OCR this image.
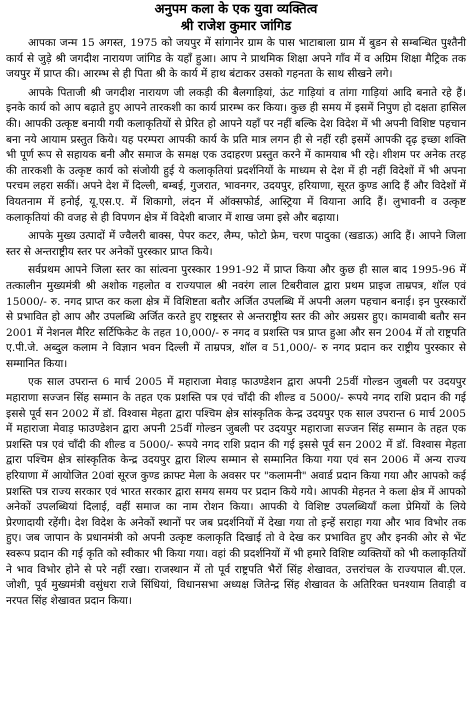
अनुपम कला के एक युवा व्यक्तित्व
श्री राजेश कुमार जांगिड

आपका जन्म 15 अगस्त, 1975 को जयपुर में सांगानेर ग्राम के पास भाटाबाला ग्राम में बुडन से सम्बन्धित पुश्तैनी कार्य से जुड़े श्री जगदीश नारायण जांगिड के यहाँ हुआ। आप ने प्राथमिक शिक्षा अपने गाँव में व अग्रिम शिक्षा मैट्रिक तक जयपुर में प्राप्त की। आरम्भ से ही पिता श्री के कार्य में हाथ बंटाकर उसको गहनता के साथ सीखने लगे।

आपके पिताजी श्री जगदीश नारायण जी लकड़ी की बैलगाड़ियां, ऊंट गाड़ियां व तांगा गाड़ियां आदि बनाते रहे हैं। इनके कार्य को आप बढ़ाते हुए आपने तारकशी का कार्य प्रारम्भ कर किया। कुछ ही समय में इसमें निपुण हो दक्षता हासिल की। आपकी उत्कृष्ट बनायी गयी कलाकृतियों से प्रेरित हो आपने यहाँ पर नहीं बल्कि देश विदेश में भी अपनी विशिष्ट पहचान बना नये आयाम प्रस्तुत किये। यह परम्परा आपकी कार्य के प्रति मात्र लगन ही से नहीं रही इसमें आपकी दृढ़ इच्छा शक्ति भी पूर्ण रूप से सहायक बनी और समाज के समक्ष एक उदाहरण प्रस्तुत करने में कामयाब भी रहे। शीशम पर अनेक तरह की तारकशी के उत्कृष्ट कार्य को संजोयी हुई ये कलाकृतियां प्रदर्शनियों के माध्यम से देश में ही नहीं विदेशों में भी अपना परचम लहरा सकीं। अपने देश में दिल्ली, बम्बई, गुजरात, भावनगर, उदयपुर, हरियाणा, सूरत कुण्ड आदि हैं और विदेशों में वियतनाम में हनोई, यू.एस.ए. में शिकागो, लंदन में ऑक्सफोर्ड, आस्ट्रिया में वियाना आदि हैं। लुभावनी व उत्कृष्ट कलाकृतियां की वजह से ही विपणन क्षेत्र में विदेशी बाजार में शाख जमा इसे और बढ़ाया।

आपके मुख्य उत्पादों में ज्वैलरी बाक्स, पेपर कटर, लैम्प, फोटो फ्रेम, चरण पादुका (खडाऊ) आदि हैं। आपने जिला स्तर से अन्तराष्ट्रीय स्तर पर अनेकों पुरस्कार प्राप्त किये।

सर्वप्रथम आपने जिला स्तर का सांत्वना पुरस्कार 1991-92 में प्राप्त किया और कुछ ही साल बाद 1995-96 में तत्कालीन मुख्यमंत्री श्री अशोक गहलोत व राज्यपाल श्री नवरंग लाल टिबरीवाल द्वारा प्रथम प्राइज ताम्रपत्र, शॉल एवं 15000/- रु. नगद प्राप्त कर कला क्षेत्र में विशिष्टता बतौर अर्जित उपलब्धि में अपनी अलग पहचान बनाई। इन पुरस्कारों से प्रभावित हो आप और उपलब्धि अर्जित करते हुए राष्ट्रस्तर से अन्तराष्ट्रीय स्तर की ओर अग्रसर हुए। कामवाबी बतौर सन 2001 में नेशनल मैरिट सर्टिफिकेट के तहत 10,000/- रु नगद व प्रशस्ति पत्र प्राप्त हुआ और सन 2004 में तो राष्ट्रपति ए.पी.जे. अब्दुल कलाम ने विज्ञान भवन दिल्ली में ताम्रपत्र, शॉल व 51,000/- रु नगद प्रदान कर राष्ट्रीय पुरस्कार से सम्मानित किया।

एक साल उपरान्त 6 मार्च 2005 में महाराजा मेवाड़ फाउण्डेशन द्वारा अपनी 25वीं गोल्डन जुबली पर उदयपुर महाराणा सज्जन सिंह सम्मान के तहत एक प्रशस्ति पत्र एवं चाँदी की शील्ड व 5000/- रूपये नगद राशि प्रदान की गई इससे पूर्व सन 2002 में डॉ. विश्वास मेहता द्वारा पश्चिम क्षेत्र सांस्कृतिक केन्द्र उदयपुर एक साल उपरान्त 6 मार्च 2005 में महाराजा मेवाड़ फाउण्डेशन द्वारा अपनी 25वीं गोल्डन जुबली पर उदयपुर महाराजा सज्जन सिंह सम्मान के तहत एक प्रशस्ति पत्र एवं चाँदी की शील्ड व 5000/- रूपये नगद राशि प्रदान की गई इससे पूर्व सन 2002 में डॉ. विश्वास मेहता द्वारा पश्चिम क्षेत्र सांस्कृतिक केन्द्र उदयपुर द्वारा शिल्प सम्मान से सम्मानित किया गया एवं सन 2006 में अन्य राज्य हरियाणा में आयोजित 20वां सूरज कुण्ड क्राफ्ट मेला के अवसर पर "कलामनी" अवार्ड प्रदान किया गया और आपको कई प्रशस्ति पत्र राज्य सरकार एवं भारत सरकार द्वारा समय समय पर प्रदान किये गये। आपकी मेहनत ने कला क्षेत्र में आपको अनेकों उपलब्धियां दिलाई, वहीं समाज का नाम रोशन किया। आपकी ये विशिष्ट उपलब्धियाँ कला प्रेमियों के लिये प्रेरणादायी रहेंगी। देश विदेश के अनेकों स्थानों पर जब प्रदर्शनियों में देखा गया तो इन्हें सराहा गया और भाव विभोर तक हुए। जब जापान के प्रधानमंत्री को अपनी उत्कृष्ट कलाकृति दिखाई तो वे देख कर प्रभावित हुए और इनकी ओर से भेंट स्वरूप प्रदान की गई कृति को स्वीकार भी किया गया। वहां की प्रदर्शनियों में भी हमारे विशिष्ट व्यक्तियों को भी कलाकृतियों ने भाव विभोर होने से परे नहीं रखा। राजस्थान में तो पूर्व राष्ट्रपति भैरों सिंह शेखावत, उत्तरांचल के राज्यपाल बी.एल. जोशी, पूर्व मुख्यमंत्री वसुंधरा राजे सिंधियां, विधानसभा अध्यक्ष जितेन्द्र सिंह शेखावत के अतिरिक्त घनश्याम तिवाड़ी व नरपत सिंह शेखावत प्रदान किया।
